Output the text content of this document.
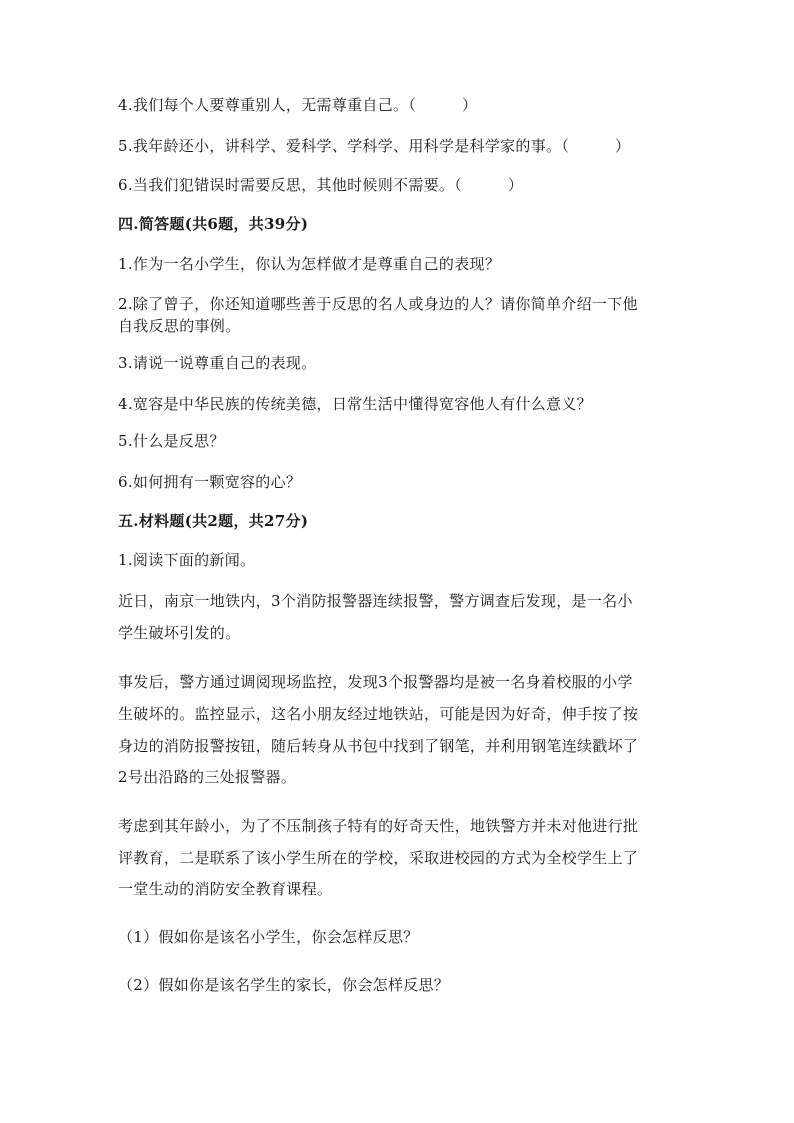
4.我们每个人要尊重别人，无需尊重自己。（　　　）
5.我年龄还小，讲科学、爱科学、学科学、用科学是科学家的事。（　　　）
6.当我们犯错误时需要反思，其他时候则不需要。（　　　）
四.简答题(共6题，共39分)
1.作为一名小学生，你认为怎样做才是尊重自己的表现？
2.除了曾子，你还知道哪些善于反思的名人或身边的人？请你简单介绍一下他
自我反思的事例。
3.请说一说尊重自己的表现。
4.宽容是中华民族的传统美德，日常生活中懂得宽容他人有什么意义？
5.什么是反思？
6.如何拥有一颗宽容的心？
五.材料题(共2题，共27分)
1.阅读下面的新闻。
近日，南京一地铁内，3个消防报警器连续报警，警方调查后发现，是一名小
学生破坏引发的。
事发后，警方通过调阅现场监控，发现3个报警器均是被一名身着校服的小学
生破坏的。监控显示，这名小朋友经过地铁站，可能是因为好奇，伸手按了按
身边的消防报警按钮，随后转身从书包中找到了钢笔，并利用钢笔连续戳坏了
2号出沿路的三处报警器。
考虑到其年龄小，为了不压制孩子特有的好奇天性，地铁警方并未对他进行批
评教育，二是联系了该小学生所在的学校，采取进校园的方式为全校学生上了
一堂生动的消防安全教育课程。
（1）假如你是该名小学生，你会怎样反思？
（2）假如你是该名学生的家长，你会怎样反思？
